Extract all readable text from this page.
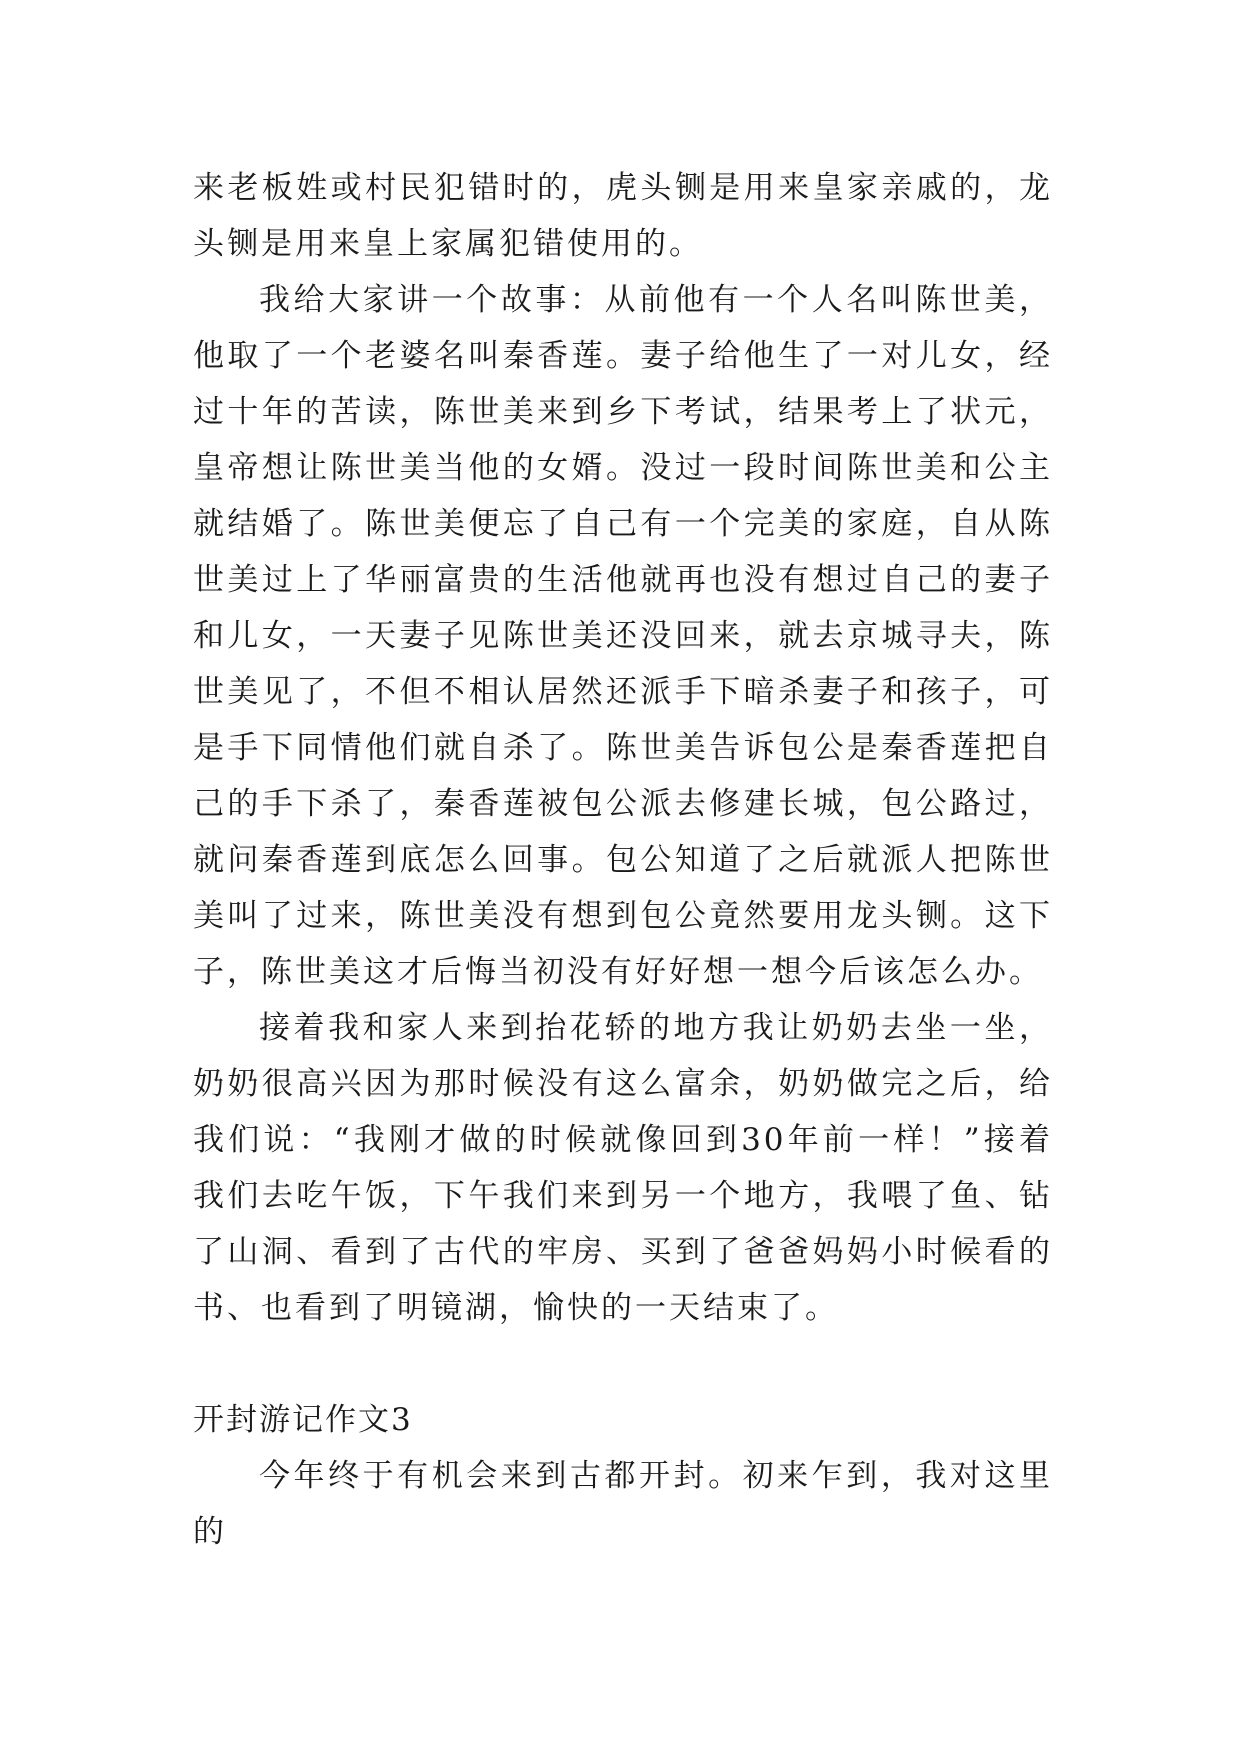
来老板姓或村民犯错时的，虎头铡是用来皇家亲戚的，龙头铡是用来皇上家属犯错使用的。

我给大家讲一个故事：从前他有一个人名叫陈世美，他取了一个老婆名叫秦香莲。妻子给他生了一对儿女，经过十年的苦读，陈世美来到乡下考试，结果考上了状元，皇帝想让陈世美当他的女婿。没过一段时间陈世美和公主就结婚了。陈世美便忘了自己有一个完美的家庭，自从陈世美过上了华丽富贵的生活他就再也没有想过自己的妻子和儿女，一天妻子见陈世美还没回来，就去京城寻夫，陈世美见了，不但不相认居然还派手下暗杀妻子和孩子，可是手下同情他们就自杀了。陈世美告诉包公是秦香莲把自己的手下杀了，秦香莲被包公派去修建长城，包公路过，就问秦香莲到底怎么回事。包公知道了之后就派人把陈世美叫了过来，陈世美没有想到包公竟然要用龙头铡。这下子，陈世美这才后悔当初没有好好想一想今后该怎么办。

接着我和家人来到抬花轿的地方我让奶奶去坐一坐，奶奶很高兴因为那时候没有这么富余，奶奶做完之后，给我们说：“我刚才做的时候就像回到30年前一样！”接着我们去吃午饭，下午我们来到另一个地方，我喂了鱼、钻了山洞、看到了古代的牢房、买到了爸爸妈妈小时候看的书、也看到了明镜湖，愉快的一天结束了。

开封游记作文3

今年终于有机会来到古都开封。初来乍到，我对这里的
